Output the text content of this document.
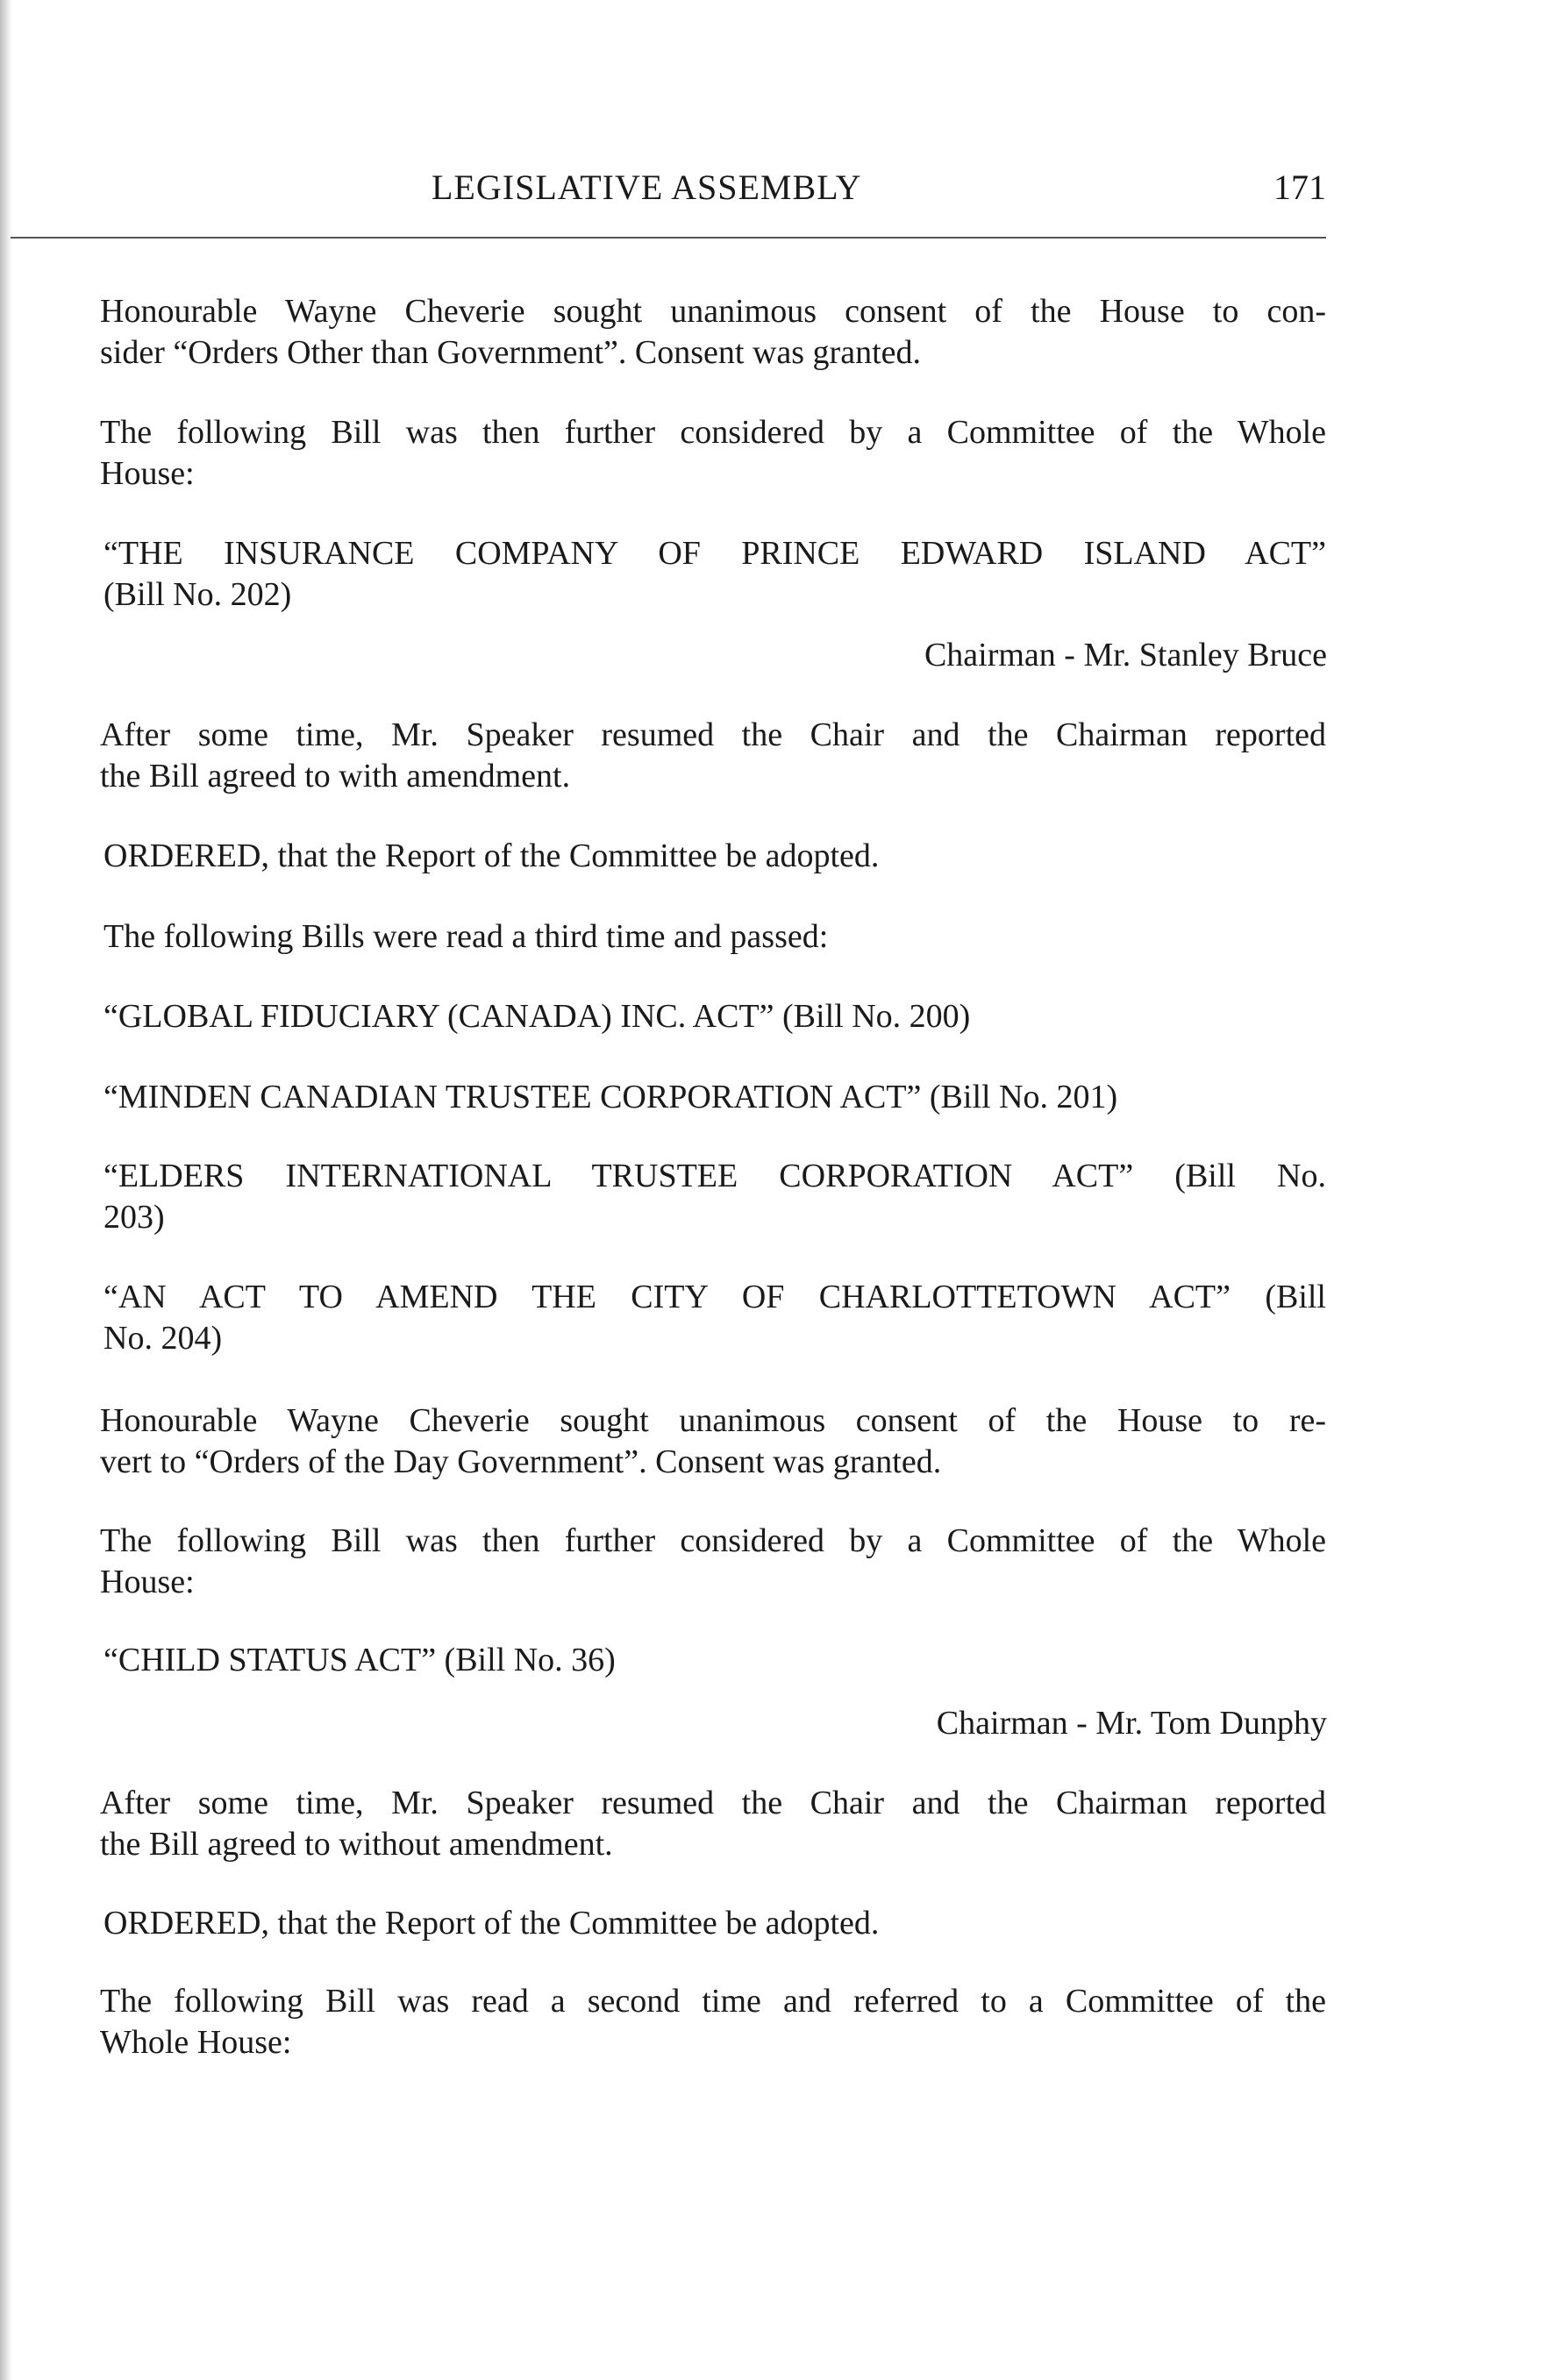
LEGISLATIVE ASSEMBLY	171

Honourable Wayne Cheverie sought unanimous consent of the House to con-
sider “Orders Other than Government”. Consent was granted.

The following Bill was then further considered by a Committee of the Whole
House:

“THE INSURANCE COMPANY OF PRINCE EDWARD ISLAND ACT”
(Bill No. 202)

Chairman - Mr. Stanley Bruce

After some time, Mr. Speaker resumed the Chair and the Chairman reported
the Bill agreed to with amendment.

ORDERED, that the Report of the Committee be adopted.

The following Bills were read a third time and passed:

“GLOBAL FIDUCIARY (CANADA) INC. ACT” (Bill No. 200)

“MINDEN CANADIAN TRUSTEE CORPORATION ACT” (Bill No. 201)

“ELDERS INTERNATIONAL TRUSTEE CORPORATION ACT” (Bill No.
203)

“AN ACT TO AMEND THE CITY OF CHARLOTTETOWN ACT” (Bill
No. 204)

Honourable Wayne Cheverie sought unanimous consent of the House to re-
vert to “Orders of the Day Government”. Consent was granted.

The following Bill was then further considered by a Committee of the Whole
House:

“CHILD STATUS ACT” (Bill No. 36)

Chairman - Mr. Tom Dunphy

After some time, Mr. Speaker resumed the Chair and the Chairman reported
the Bill agreed to without amendment.

ORDERED, that the Report of the Committee be adopted.

The following Bill was read a second time and referred to a Committee of the
Whole House:
